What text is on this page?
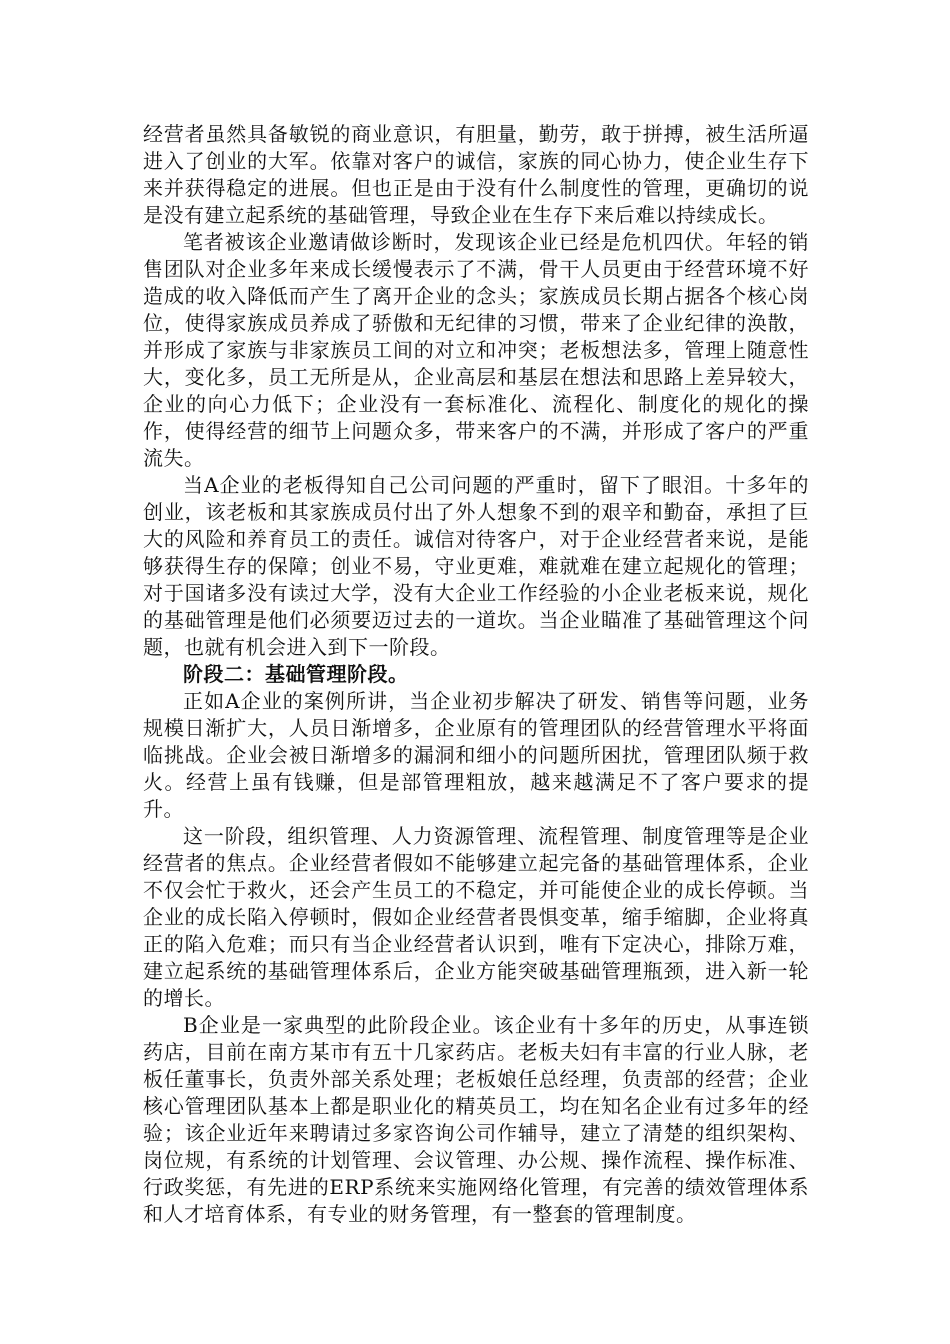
经营者虽然具备敏锐的商业意识，有胆量，勤劳，敢于拼搏，被生活所逼进入了创业的大军。依靠对客户的诚信，家族的同心协力，使企业生存下来并获得稳定的进展。但也正是由于没有什么制度性的管理，更确切的说是没有建立起系统的基础管理，导致企业在生存下来后难以持续成长。

笔者被该企业邀请做诊断时，发现该企业已经是危机四伏。年轻的销售团队对企业多年来成长缓慢表示了不满，骨干人员更由于经营环境不好造成的收入降低而产生了离开企业的念头；家族成员长期占据各个核心岗位，使得家族成员养成了骄傲和无纪律的习惯，带来了企业纪律的涣散，并形成了家族与非家族员工间的对立和冲突；老板想法多，管理上随意性大，变化多，员工无所是从，企业高层和基层在想法和思路上差异较大，企业的向心力低下；企业没有一套标准化、流程化、制度化的规化的操作，使得经营的细节上问题众多，带来客户的不满，并形成了客户的严重流失。

当A企业的老板得知自己公司问题的严重时，留下了眼泪。十多年的创业，该老板和其家族成员付出了外人想象不到的艰辛和勤奋，承担了巨大的风险和养育员工的责任。诚信对待客户，对于企业经营者来说，是能够获得生存的保障；创业不易，守业更难，难就难在建立起规化的管理；对于国诸多没有读过大学，没有大企业工作经验的小企业老板来说，规化的基础管理是他们必须要迈过去的一道坎。当企业瞄准了基础管理这个问题，也就有机会进入到下一阶段。

阶段二：基础管理阶段。

正如A企业的案例所讲，当企业初步解决了研发、销售等问题，业务规模日渐扩大，人员日渐增多，企业原有的管理团队的经营管理水平将面临挑战。企业会被日渐增多的漏洞和细小的问题所困扰，管理团队频于救火。经营上虽有钱赚，但是部管理粗放，越来越满足不了客户要求的提升。

这一阶段，组织管理、人力资源管理、流程管理、制度管理等是企业经营者的焦点。企业经营者假如不能够建立起完备的基础管理体系，企业不仅会忙于救火，还会产生员工的不稳定，并可能使企业的成长停顿。当企业的成长陷入停顿时，假如企业经营者畏惧变革，缩手缩脚，企业将真正的陷入危难；而只有当企业经营者认识到，唯有下定决心，排除万难，建立起系统的基础管理体系后，企业方能突破基础管理瓶颈，进入新一轮的增长。

B企业是一家典型的此阶段企业。该企业有十多年的历史，从事连锁药店，目前在南方某市有五十几家药店。老板夫妇有丰富的行业人脉，老板任董事长，负责外部关系处理；老板娘任总经理，负责部的经营；企业核心管理团队基本上都是职业化的精英员工，均在知名企业有过多年的经验；该企业近年来聘请过多家咨询公司作辅导，建立了清楚的组织架构、岗位规，有系统的计划管理、会议管理、办公规、操作流程、操作标准、行政奖惩，有先进的ERP系统来实施网络化管理，有完善的绩效管理体系和人才培育体系，有专业的财务管理，有一整套的管理制度。
